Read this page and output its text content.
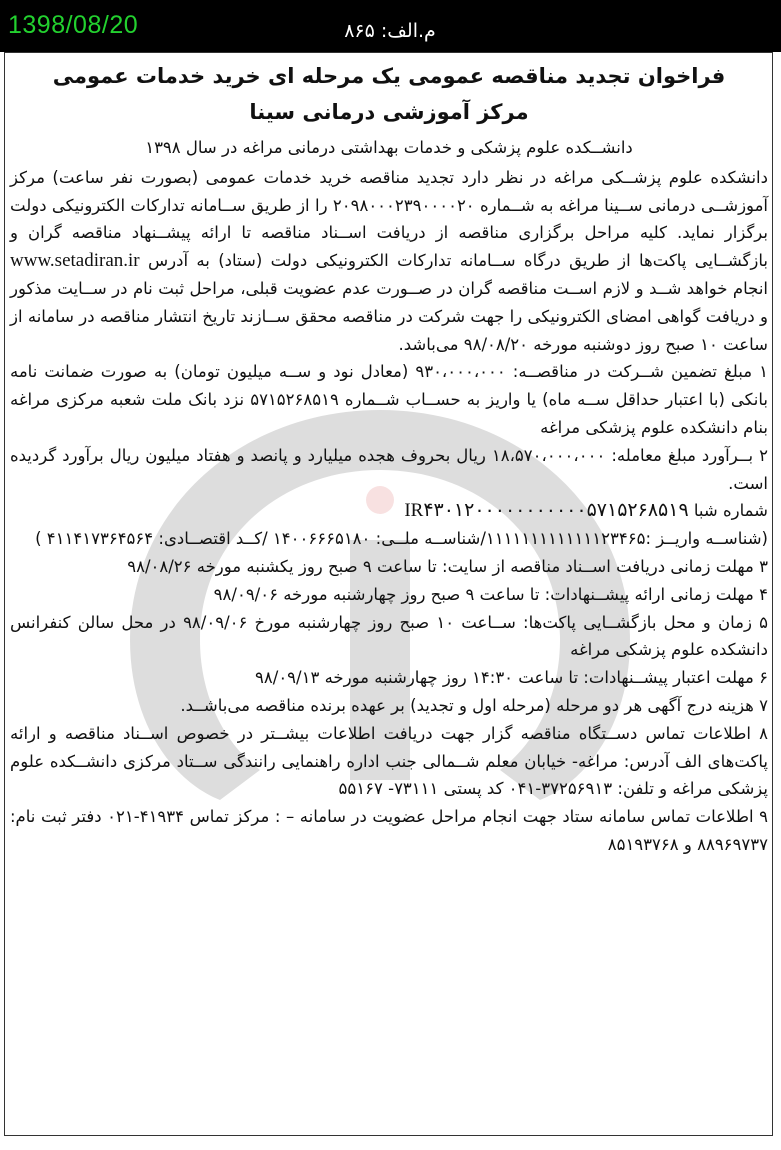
1398/08/20	م.الف: ۸۶۵

فراخوان تجدید مناقصه عمومی یک مرحله ای خرید خدمات عمومی

مرکز آموزشی درمانی سینا

دانشــکده علوم پزشکی و خدمات بهداشتی درمانی مراغه در سال ۱۳۹۸

دانشکده علوم پزشــکی مراغه در نظر دارد تجدید مناقصه خرید خدمات عمومی (بصورت نفر ساعت) مرکز آموزشــی درمانی ســینا مراغه به شــماره ۲۰۹۸۰۰۰۲۳۹۰۰۰۰۲۰ را از طریق ســامانه تدارکات الکترونیکی دولت برگزار نماید. کلیه مراحل برگزاری مناقصه از دریافت اســناد مناقصه تا ارائه پیشــنهاد مناقصه گران و بازگشــایی پاکت‌ها از طریق درگاه ســامانه تدارکات الکترونیکی دولت (ستاد) به آدرس www.setadiran.ir انجام خواهد شــد و لازم اســت مناقصه گران در صــورت عدم عضویت قبلی، مراحل ثبت نام در ســایت مذکور و دریافت گواهی امضای الکترونیکی را جهت شرکت در مناقصه محقق ســازند تاریخ انتشار مناقصه در سامانه از ساعت ۱۰ صبح روز دوشنبه مورخه ۹۸/۰۸/۲۰ می‌باشد.

۱ مبلغ تضمین شــرکت در مناقصــه: ۹۳۰،۰۰۰،۰۰۰ (معادل نود و ســه میلیون تومان) به صورت ضمانت نامه بانکی (با اعتبار حداقل ســه ماه) یا واریز به حســاب شــماره ۵۷۱۵۲۶۸۵۱۹ نزد بانک ملت شعبه مرکزی مراغه بنام دانشکده علوم پزشکی مراغه

۲ بــرآورد مبلغ معامله: ۱۸،۵۷۰،۰۰۰،۰۰۰ ریال بحروف هجده میلیارد و پانصد و هفتاد میلیون ریال برآورد گردیده است.

شماره شبا IR۴۳۰۱۲۰۰۰۰۰۰۰۰۰۰۰۵۷۱۵۲۶۸۵۱۹

(شناســه واریــز :۱۱۱۱۱۱۱۱۱۱۱۱۱۲۳۴۶۵/شناســه ملــی: ۱۴۰۰۶۶۶۵۱۸۰ /کــد اقتصــادی: ۴۱۱۴۱۷۳۶۴۵۶۴ )

۳ مهلت زمانی دریافت اســناد مناقصه از سایت: تا ساعت ۹ صبح روز یکشنبه مورخه ۹۸/۰۸/۲۶

۴ مهلت زمانی ارائه پیشــنهادات: تا ساعت ۹ صبح روز چهارشنبه مورخه ۹۸/۰۹/۰۶

۵ زمان و محل بازگشــایی پاکت‌ها: ســاعت ۱۰ صبح روز چهارشنبه مورخ ۹۸/۰۹/۰۶ در محل سالن کنفرانس دانشکده علوم پزشکی مراغه

۶ مهلت اعتبار پیشــنهادات: تا ساعت ۱۴:۳۰ روز چهارشنبه مورخه ۹۸/۰۹/۱۳

۷ هزینه درج آگهی هر دو مرحله (مرحله اول و تجدید) بر عهده برنده مناقصه می‌باشــد.

۸ اطلاعات تماس دســتگاه مناقصه گزار جهت دریافت اطلاعات بیشــتر در خصوص اســناد مناقصه و ارائه پاکت‌های الف آدرس: مراغه- خیابان معلم شــمالی جنب اداره راهنمایی رانندگی ســتاد مرکزی دانشــکده علوم پزشکی مراغه و تلفن: ۳۷۲۵۶۹۱۳-۰۴۱ کد پستی ۷۳۱۱۱- ۵۵۱۶۷

۹ اطلاعات تماس سامانه ستاد جهت انجام مراحل عضویت در سامانه – : مرکز تماس ۴۱۹۳۴-۰۲۱ دفتر ثبت نام: ۸۸۹۶۹۷۳۷ و ۸۵۱۹۳۷۶۸
